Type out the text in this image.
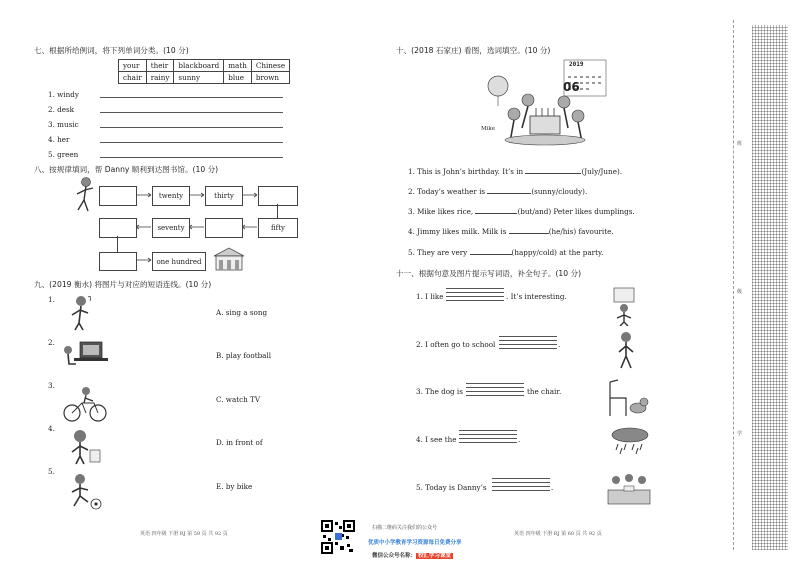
七、根据所给例词，将下列单词分类。(10 分)
your	their	blackboard	math	Chinese
chair	rainy	sunny	blue	brown
1. windy
2. desk
3. music
4. her
5. green
八、按规律填词，帮 Danny 顺利到达图书馆。(10 分)
twenty	thirty
fifty
seventy
one hundred
九、(2019 衡水) 将图片与对应的短语连线。(10 分)
1.
A. sing a song
2.
B. play football
3.
C. watch TV
4.
D. in front of
5.
E. by bike
英语 四年级 下册 RJ 第 59 页 共 92 页
十、(2018 石家庄) 看图，选词填空。(10 分)
2019
06
Mike
1. This is John’s birthday. It’s in	(July/June).
2. Today’s weather is	(sunny/cloudy).
3. Mike likes rice,	(but/and) Peter likes dumplings.
4. Jimmy likes milk. Milk is	(he/his) favourite.
5. They are very	(happy/cold) at the party.
十一、根据句意及图片提示写词语，补全句子。(10 分)
1. I like	. It’s interesting.
2. I often go to school	.
3. The dog is	the chair.
4. I see the	.
5. Today is Danny’s	.
英语 四年级 下册 RJ 第 60 页 共 92 页
扫描二维码关注我们的公众号
优质中小学教育学习资源每日免费分享
微信公众号名称： 校汇学习课堂
班
级
学
